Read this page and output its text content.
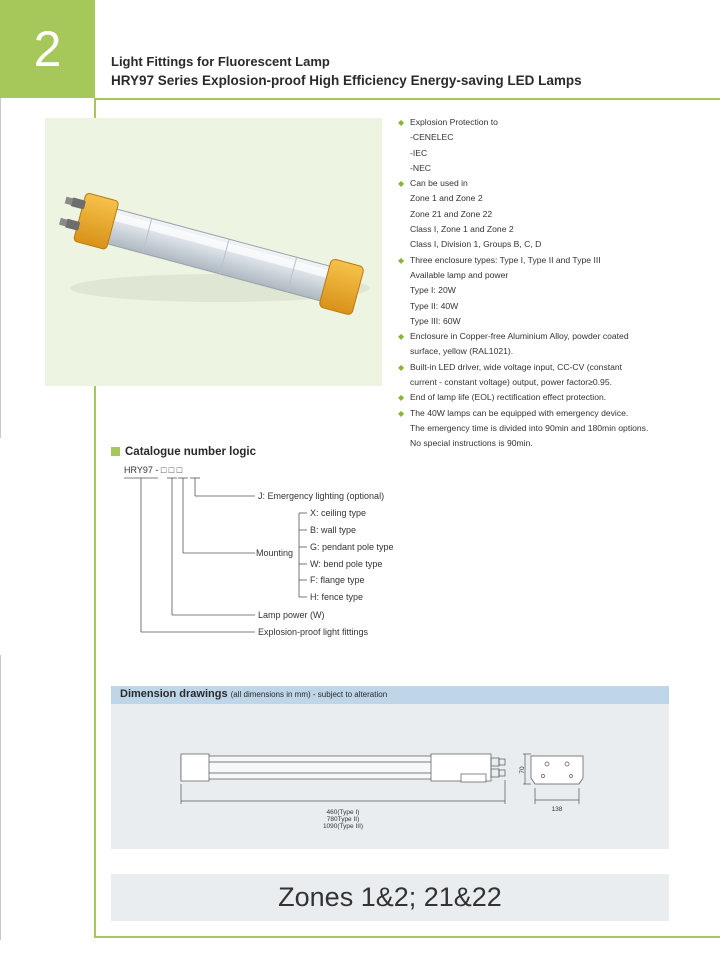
2	Light Fittings for Fluorescent Lamp
HRY97 Series Explosion-proof High Efficiency Energy-saving LED Lamps
◆ Explosion Protection to
-CENELEC
-IEC
-NEC
◆ Can be used in
Zone 1 and Zone 2
Zone 21 and Zone 22
Class I, Zone 1 and Zone 2
Class I, Division 1, Groups B, C, D
◆ Three enclosure types: Type I, Type II and Type III
Available lamp and power
Type I: 20W
Type II: 40W
Type III: 60W
◆ Enclosure in Copper-free Aluminium Alloy, powder coated
surface, yellow (RAL1021).
◆ Built-in LED driver, wide voltage input, CC-CV (constant
current - constant voltage) output, power factor≥0.95.
◆ End of lamp life (EOL) rectification effect protection.
◆ The 40W lamps can be equipped with emergency device.
The emergency time is divided into 90min and 180min options.
No special instructions is 90min.
Catalogue number logic
HRY97 - □ □ □
J: Emergency lighting (optional)
Mounting
X: ceiling type
B: wall type
G: pendant pole type
W: bend pole type
F: flange type
H: fence type
Lamp power (W)
Explosion-proof light fittings
Dimension drawings (all dimensions in mm) - subject to alteration
460(Type I)
780Type II)
1090(Type III)
70
138
Zones 1&2; 21&22
